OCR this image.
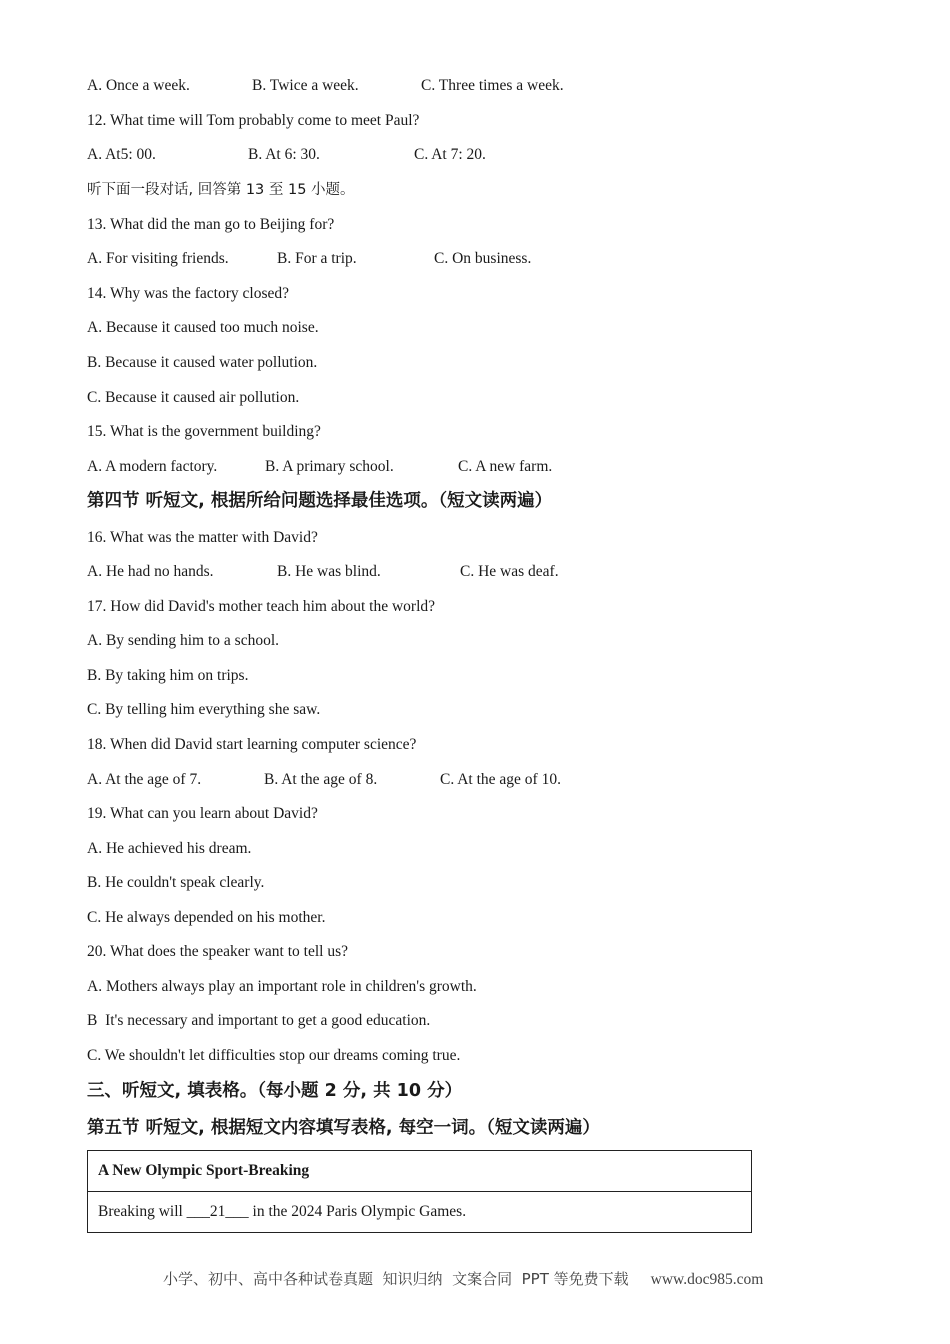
A. Once a week.

	B. Twice a week.

	C. Three times a week.

12. What time will Tom probably come to meet Paul?

A. At5: 00.

	B. At 6: 30.

	C. At 7: 20.

听下面一段对话, 回答第 13 至 15 小题。
13. What did the man go to Beijing for?

A. For visiting friends.

	B. For a trip.

	C. On business.

14. Why was the factory closed?
A. Because it caused too much noise.
B. Because it caused water pollution.
C. Because it caused air pollution.
15. What is the government building?

A. A modern factory.

	B. A primary school.

	C. A new farm.

第四节 听短文, 根据所给问题选择最佳选项。（短文读两遍）
16. What was the matter with David?

A. He had no hands.

	B. He was blind.

	C. He was deaf.

17. How did David's mother teach him about the world?
A. By sending him to a school.
B. By taking him on trips.
C. By telling him everything she saw.
18. When did David start learning computer science?

A. At the age of 7.

	B. At the age of 8.

	C. At the age of 10.

19. What can you learn about David?
A. He achieved his dream.
B. He couldn't speak clearly.
C. He always depended on his mother.
20. What does the speaker want to tell us?
A. Mothers always play an important role in children's growth.
B  It's necessary and important to get a good education.
C. We shouldn't let difficulties stop our dreams coming true.
三、听短文, 填表格。（每小题 2 分, 共 10 分）
第五节 听短文, 根据短文内容填写表格, 每空一词。（短文读两遍）
A New Olympic Sport-Breaking
Breaking will ___21___ in the 2024 Paris Olympic Games.
小学、初中、高中各种试卷真题  知识归纳  文案合同  PPT 等免费下载 www.doc985.com
